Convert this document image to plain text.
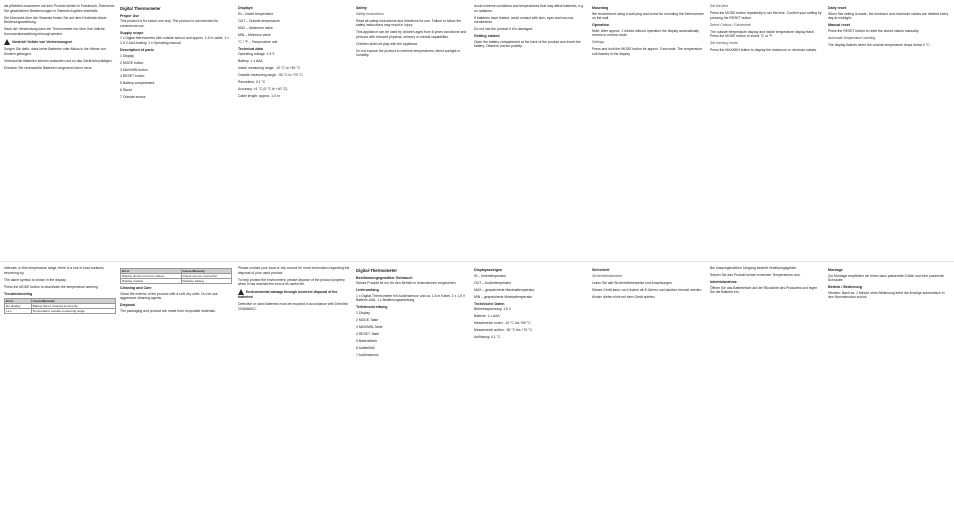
als pflichtteil zusammen mit dem Produkt stellen in Frankreich, Österreich. Die gesetzlichen Bestimmungen in Österreich gelten ebenfalls.

Die Übersicht über die Hinweise finden Sie auf dem Deckblatt dieser Bedienungsanleitung.

Nach der Verwendung kann ein Thermometer nur über Ihre örtliche Kommunalverwaltung entsorgt werden.

Vorsicht! Gefahr von Verbrennungen!

Sorgen Sie dafür, dass keine Batterien oder Akkus in die Hände von Kindern gelangen.

Verbrauchte Batterien können auslaufen und so das Gerät beschädigen.

Ersetzen Sie verbrauchte Batterien umgehend durch neue.

Digital Thermometer
Proper Use

This product is for indoor use only. The product is not intended for commercial use.

Supply scope

1 x Digital thermometer with outside sensor and approx. 1.5 m cable, 1 x 1.5 V AAA battery, 1 x Operating manual

Description of parts

1 Display

2 MODE button

3 MAX/MIN button

4 RESET button

5 Battery compartment

6 Stand

7 Outside sensor

Displays

IN – Inside temperature

OUT – Outside temperature

MAX – Maximum value

MIN – Minimum value

°C / °F – Temperature unit

Technical data

Operating voltage: 1.5 V

Battery: 1 x AAA

Inside measuring range: -10 °C to +50 °C

Outside measuring range: -50 °C to +70 °C

Resolution: 0.1 °C

Accuracy: ±1 °C (0 °C to +40 °C)

Cable length: approx. 1.5 m

Safety

Safety instructions

Read all safety instructions and directions for use. Failure to follow the safety instructions may result in injury.

This appliance can be used by children aged from 8 years and above and persons with reduced physical, sensory or mental capabilities.

Children shall not play with the appliance.

Do not expose the product to extreme temperatures, direct sunlight or humidity.

Avoid extreme conditions and temperatures that may affect batteries, e.g. on radiators.

If batteries have leaked, avoid contact with skin, eyes and mucous membranes.

Do not use the product if it is damaged.

Getting started

Open the battery compartment at the back of the product and insert the battery. Observe correct polarity.

Mounting

We recommend using a wall plug and screw for mounting the thermometer on the wall.

Operation

Note: After approx. 1 minute without operation the display automatically returns to normal mode.

Settings

Press and hold the MODE button for approx. 3 seconds. The temperature unit flashes in the display.

Set the time

Press the MODE button repeatedly to set the time. Confirm your setting by pressing the RESET button.

Select Celsius / Fahrenheit

The outside temperature display and inside temperature display flash. Press the MODE button to select °C or °F.

Set memory mode

Press the MAX/MIN button to display the maximum or minimum values.

Daily reset

When this setting is made, the minimum and maximum values are deleted every day at midnight.

Manual reset

Press the RESET button to reset the stored values manually.

Automatic temperature warning

The display flashes when the outside temperature drops below 0 °C.

intervals. In this temperature range, there is a risk of road surfaces becoming icy.

The alarm symbol is shown in the display.

Press the MODE button to deactivate the temperature warning.

Troubleshooting
Error	Cause/Remedy
No display	Battery flat or inserted incorrectly
LL.L	Temperature outside measuring range
Error	Cause/Remedy
Display shows incorrect values	Check sensor connection
Display unclear	Replace battery
Cleaning and Care

Clean the exterior of the product with a soft, dry cloth. Do not use aggressive cleaning agents.

Disposal

The packaging and product are made from recyclable materials.

Please contact your local or city council for more information regarding the disposal of your used product.

To help protect the environment, please dispose of the product properly when it has reached the end of its useful life.

Environmental damage through incorrect disposal of the batteries!

Defective or used batteries must be recycled in accordance with Directive 2006/66/EC.

Digital-Thermometer
Bestimmungsgemäßer Gebrauch

Dieses Produkt ist nur für den Betrieb in Innenräumen vorgesehen.

Lieferumfang

1 x Digital-Thermometer mit Außensensor und ca. 1,5 m Kabel, 1 x 1,5 V Batterie AAA, 1 x Bedienungsanleitung

Teilebeschreibung

1 Display

2 MODE-Taste

3 MAX/MIN-Taste

4 RESET-Taste

5 Batteriefach

6 Aufstellfuß

7 Außensensor

Displayanzeigen

IN – Innentemperatur

OUT – Außentemperatur

MAX – gespeicherte Maximaltemperatur

MIN – gespeicherte Minimaltemperatur

Technische Daten

Betriebsspannung: 1,5 V

Batterie: 1 x AAA

Messbereich innen: -10 °C bis +50 °C

Messbereich außen: -50 °C bis +70 °C

Auflösung: 0,1 °C

Sicherheit

Sicherheitshinweise

Lesen Sie alle Sicherheitshinweise und Anweisungen.

Dieses Gerät kann von Kindern ab 8 Jahren und darüber benutzt werden.

Kinder dürfen nicht mit dem Gerät spielen.

Bei unsachgemäßem Umgang besteht Verletzungsgefahr.

Setzen Sie das Produkt keinen extremen Temperaturen aus.

Inbetriebnahme

Öffnen Sie das Batteriefach auf der Rückseite des Produktes und legen Sie die Batterie ein.

Montage

Zur Montage empfehlen wir einen dazu passenden Dübel und eine passende Schraube.

Betrieb / Bedienung

Hinweis: Nach ca. 1 Minute ohne Bedienung kehrt die Anzeige automatisch in den Normalmodus zurück.
